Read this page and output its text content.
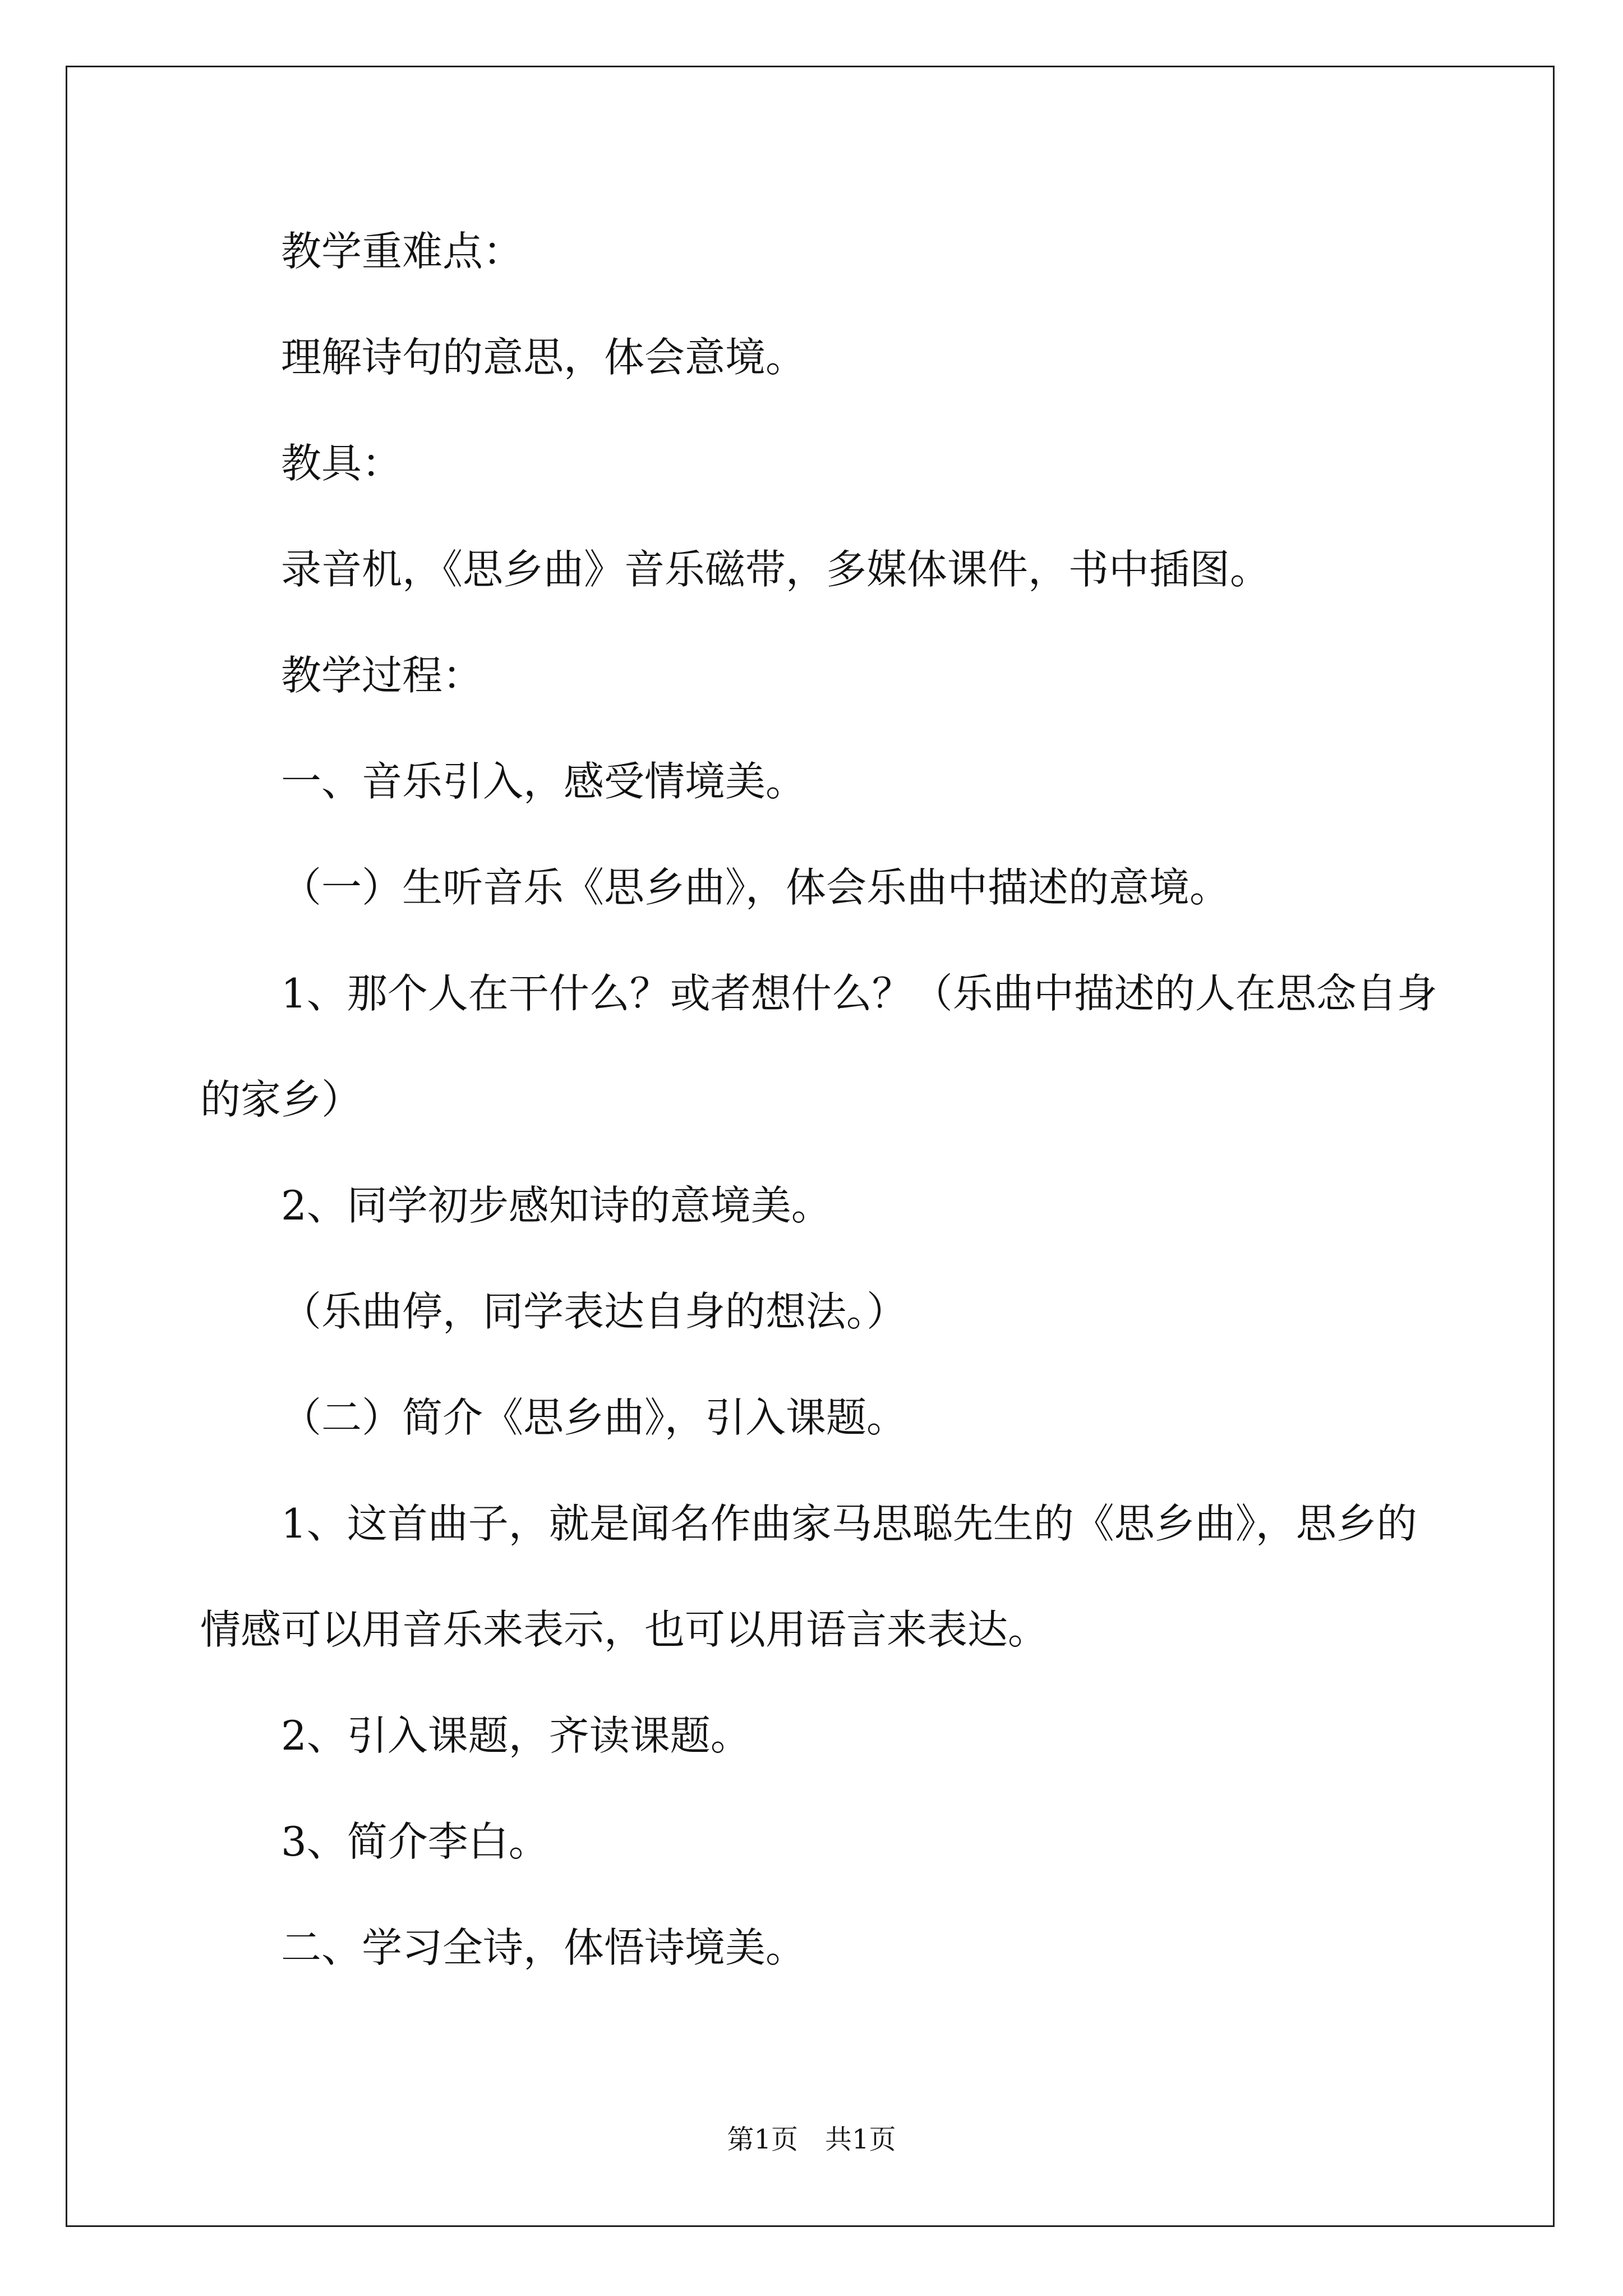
教学重难点：
理解诗句的意思，体会意境。
教具：
录音机，《思乡曲》音乐磁带，多媒体课件，书中插图。
教学过程：
一、音乐引入，感受情境美。
（一）生听音乐《思乡曲》，体会乐曲中描述的意境。
1、那个人在干什么？或者想什么？（乐曲中描述的人在思念自身
的家乡）
2、同学初步感知诗的意境美。
（乐曲停，同学表达自身的想法。）
（二）简介《思乡曲》，引入课题。
1、这首曲子，就是闻名作曲家马思聪先生的《思乡曲》，思乡的
情感可以用音乐来表示，也可以用语言来表达。
2、引入课题，齐读课题。
3、简介李白。
二、学习全诗，体悟诗境美。
第1页 共1页
